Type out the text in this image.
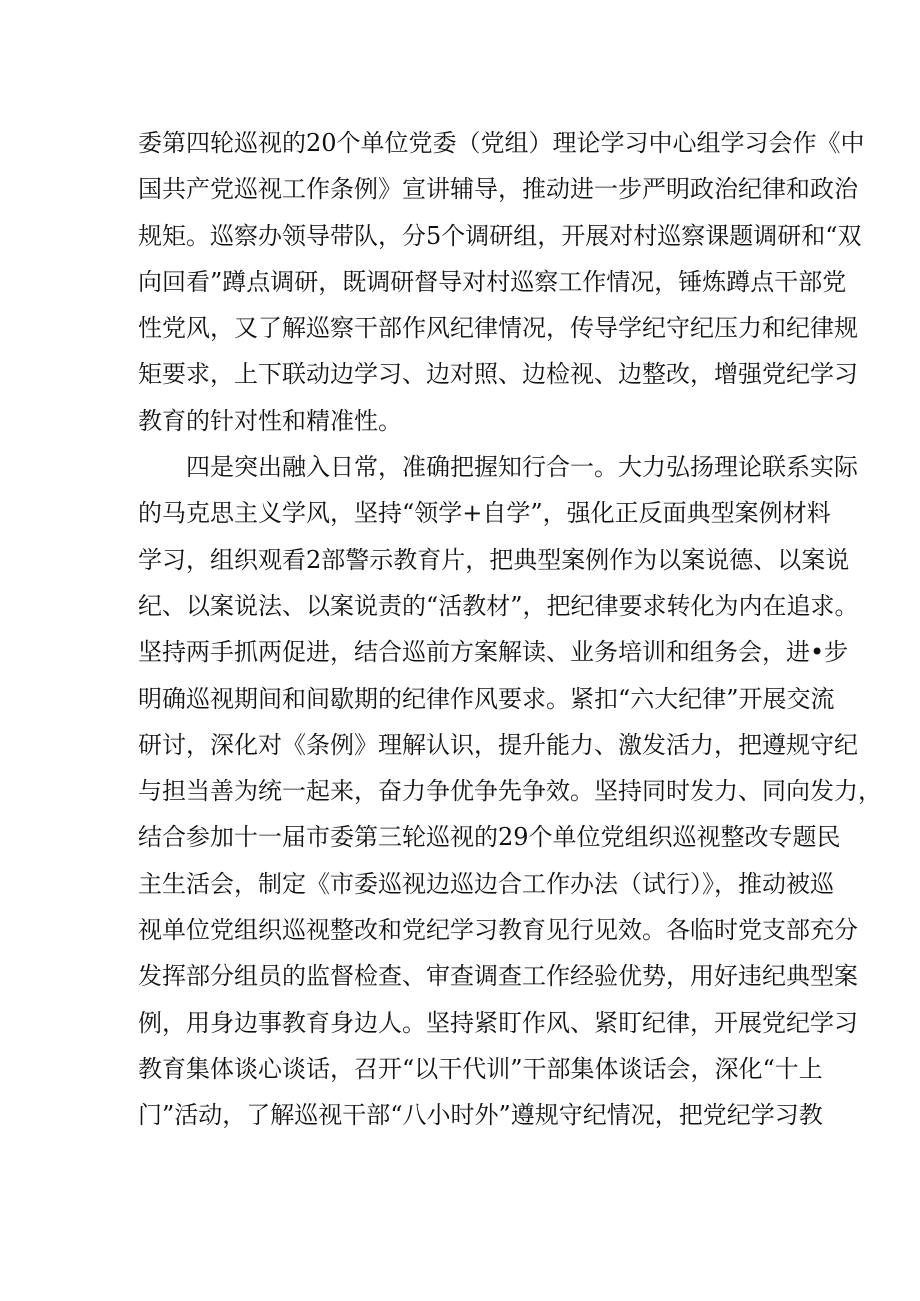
委第四轮巡视的20个单位党委（党组）理论学习中心组学习会作《中
国共产党巡视工作条例》宣讲辅导，推动进一步严明政治纪律和政治
规矩。巡察办领导带队，分5个调研组，开展对村巡察课题调研和“双
向回看”蹲点调研，既调研督导对村巡察工作情况，锤炼蹲点干部党
性党风，又了解巡察干部作风纪律情况，传导学纪守纪压力和纪律规
矩要求，上下联动边学习、边对照、边检视、边整改，增强党纪学习
教育的针对性和精准性。
四是突出融入日常，准确把握知行合一。大力弘扬理论联系实际
的马克思主义学风，坚持“领学+自学”，强化正反面典型案例材料
学习，组织观看2部警示教育片，把典型案例作为以案说德、以案说
纪、以案说法、以案说责的“活教材”，把纪律要求转化为内在追求。
坚持两手抓两促进，结合巡前方案解读、业务培训和组务会，进•步
明确巡视期间和间歇期的纪律作风要求。紧扣“六大纪律”开展交流
研讨，深化对《条例》理解认识，提升能力、激发活力，把遵规守纪
与担当善为统一起来，奋力争优争先争效。坚持同时发力、同向发力，
结合参加十一届市委第三轮巡视的29个单位党组织巡视整改专题民
主生活会，制定《市委巡视边巡边合工作办法（试行）》，推动被巡
视单位党组织巡视整改和党纪学习教育见行见效。各临时党支部充分
发挥部分组员的监督检查、审查调查工作经验优势，用好违纪典型案
例，用身边事教育身边人。坚持紧盯作风、紧盯纪律，开展党纪学习
教育集体谈心谈话，召开“以干代训”干部集体谈话会，深化“十上
门”活动，了解巡视干部“八小时外”遵规守纪情况，把党纪学习教
